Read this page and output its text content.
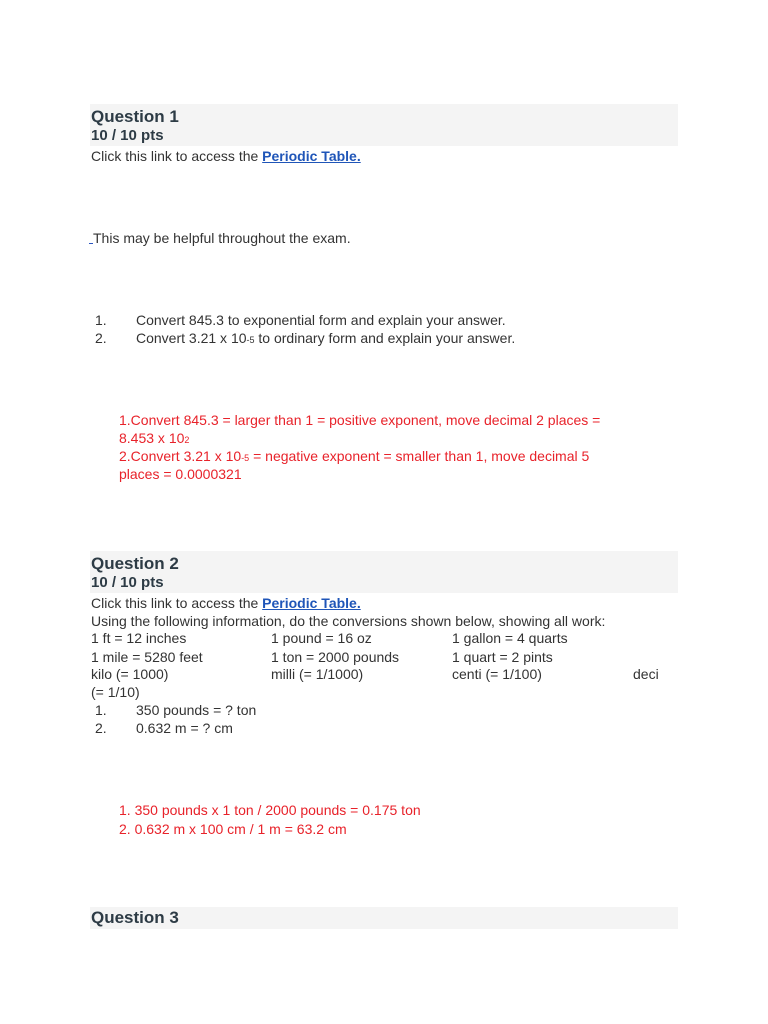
Question 1
10 / 10 pts
Click this link to access the Periodic Table.
This may be helpful throughout the exam.
1. Convert 845.3 to exponential form and explain your answer.
2. Convert 3.21 x 10-5 to ordinary form and explain your answer.
1.Convert 845.3 = larger than 1 = positive exponent, move decimal 2 places =
8.453 x 102
2.Convert 3.21 x 10-5 = negative exponent = smaller than 1, move decimal 5
places = 0.0000321
Question 2
10 / 10 pts
Click this link to access the Periodic Table.
Using the following information, do the conversions shown below, showing all work:
1 ft = 12 inches	1 pound = 16 oz	1 gallon = 4 quarts
1 mile = 5280 feet	1 ton = 2000 pounds	1 quart = 2 pints
kilo (= 1000)	milli (= 1/1000)	centi (= 1/100)	deci
(= 1/10)
1. 350 pounds = ? ton
2. 0.632 m = ? cm
1. 350 pounds x 1 ton / 2000 pounds = 0.175 ton
2. 0.632 m x 100 cm / 1 m = 63.2 cm
Question 3
